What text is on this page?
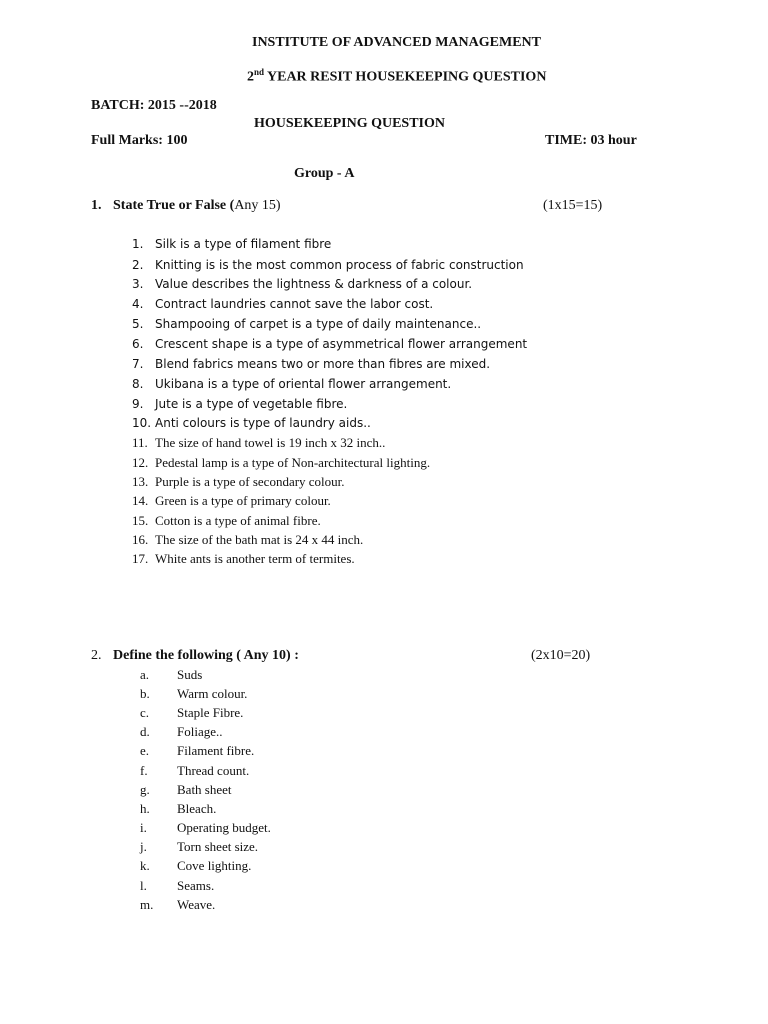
INSTITUTE OF ADVANCED MANAGEMENT
2nd YEAR RESIT HOUSEKEEPING QUESTION
BATCH: 2015 --2018
HOUSEKEEPING QUESTION
Full Marks: 100	TIME: 03 hour
Group - A
1. State True or False (Any 15)	(1x15=15)
1. Silk is a type of filament fibre
2. Knitting is is the most common process of fabric construction
3. Value describes the lightness & darkness of a colour.
4. Contract laundries cannot save the labor cost.
5. Shampooing of carpet is a type of daily maintenance..
6. Crescent shape is a type of asymmetrical flower arrangement
7. Blend fabrics means two or more than fibres are mixed.
8. Ukibana is a type of oriental flower arrangement.
9. Jute is a type of vegetable fibre.
10. Anti colours is type of laundry aids..
11. The size of hand towel is 19 inch x 32 inch..
12. Pedestal lamp is a type of Non-architectural lighting.
13. Purple is a type of secondary colour.
14. Green is a type of primary colour.
15. Cotton is a type of animal fibre.
16. The size of the bath mat is 24 x 44 inch.
17. White ants is another term of termites.
2. Define the following ( Any 10) :	(2x10=20)
a. Suds
b. Warm colour.
c. Staple Fibre.
d. Foliage..
e. Filament fibre.
f. Thread count.
g. Bath sheet
h. Bleach.
i. Operating budget.
j. Torn sheet size.
k. Cove lighting.
l. Seams.
m. Weave.
